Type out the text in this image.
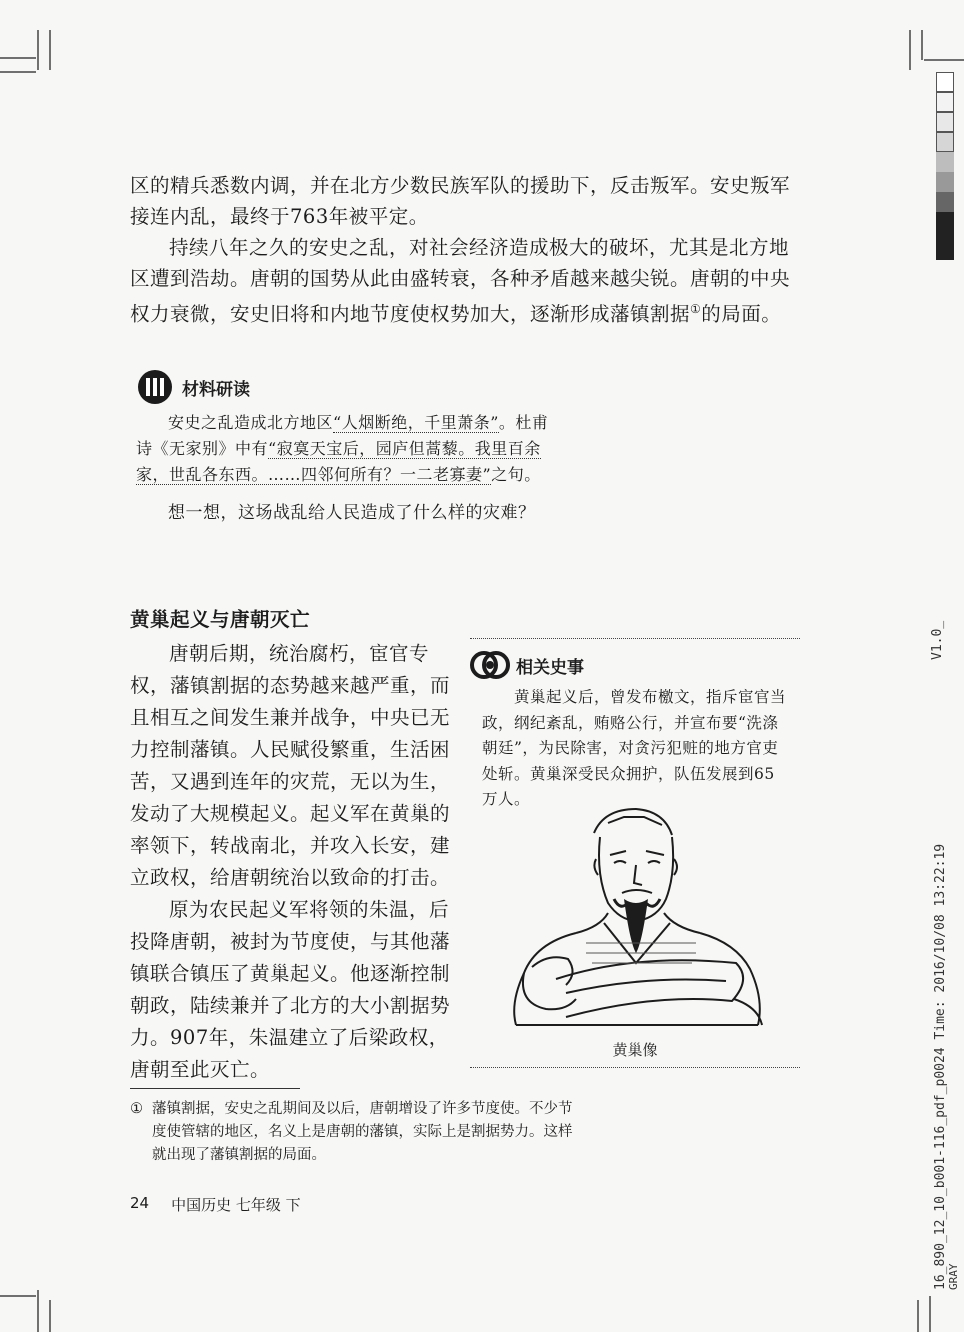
区的精兵悉数内调，并在北方少数民族军队的援助下，反击叛军。安史叛军接连内乱，最终于763年被平定。

持续八年之久的安史之乱，对社会经济造成极大的破坏，尤其是北方地区遭到浩劫。唐朝的国势从此由盛转衰，各种矛盾越来越尖锐。唐朝的中央权力衰微，安史旧将和内地节度使权势加大，逐渐形成藩镇割据①的局面。

材料研读
安史之乱造成北方地区“人烟断绝，千里萧条”。杜甫诗《无家别》中有“寂寞天宝后，园庐但蒿藜。我里百余家，世乱各东西。……四邻何所有？一二老寡妻”之句。
想一想，这场战乱给人民造成了什么样的灾难？
黄巢起义与唐朝灭亡

唐朝后期，统治腐朽，宦官专权，藩镇割据的态势越来越严重，而且相互之间发生兼并战争，中央已无力控制藩镇。人民赋役繁重，生活困苦，又遇到连年的灾荒，无以为生，发动了大规模起义。起义军在黄巢的率领下，转战南北，并攻入长安，建立政权，给唐朝统治以致命的打击。

原为农民起义军将领的朱温，后投降唐朝，被封为节度使，与其他藩镇联合镇压了黄巢起义。他逐渐控制朝政，陆续兼并了北方的大小割据势力。907年，朱温建立了后梁政权，唐朝至此灭亡。

相关史事
黄巢起义后，曾发布檄文，指斥宦官当政，纲纪紊乱，贿赂公行，并宣布要“洗涤朝廷”，为民除害，对贪污犯赃的地方官吏处斩。黄巢深受民众拥护，队伍发展到65万人。
黄巢像
① 藩镇割据，安史之乱期间及以后，唐朝增设了许多节度使。不少节度使管辖的地区，名义上是唐朝的藩镇，实际上是割据势力。这样就出现了藩镇割据的局面。
24 中国历史 七年级 下
V1.0_
16_890_12_10_b001-116_pdf_p0024 Time: 2016/10/08 13:22:19 GRAY
